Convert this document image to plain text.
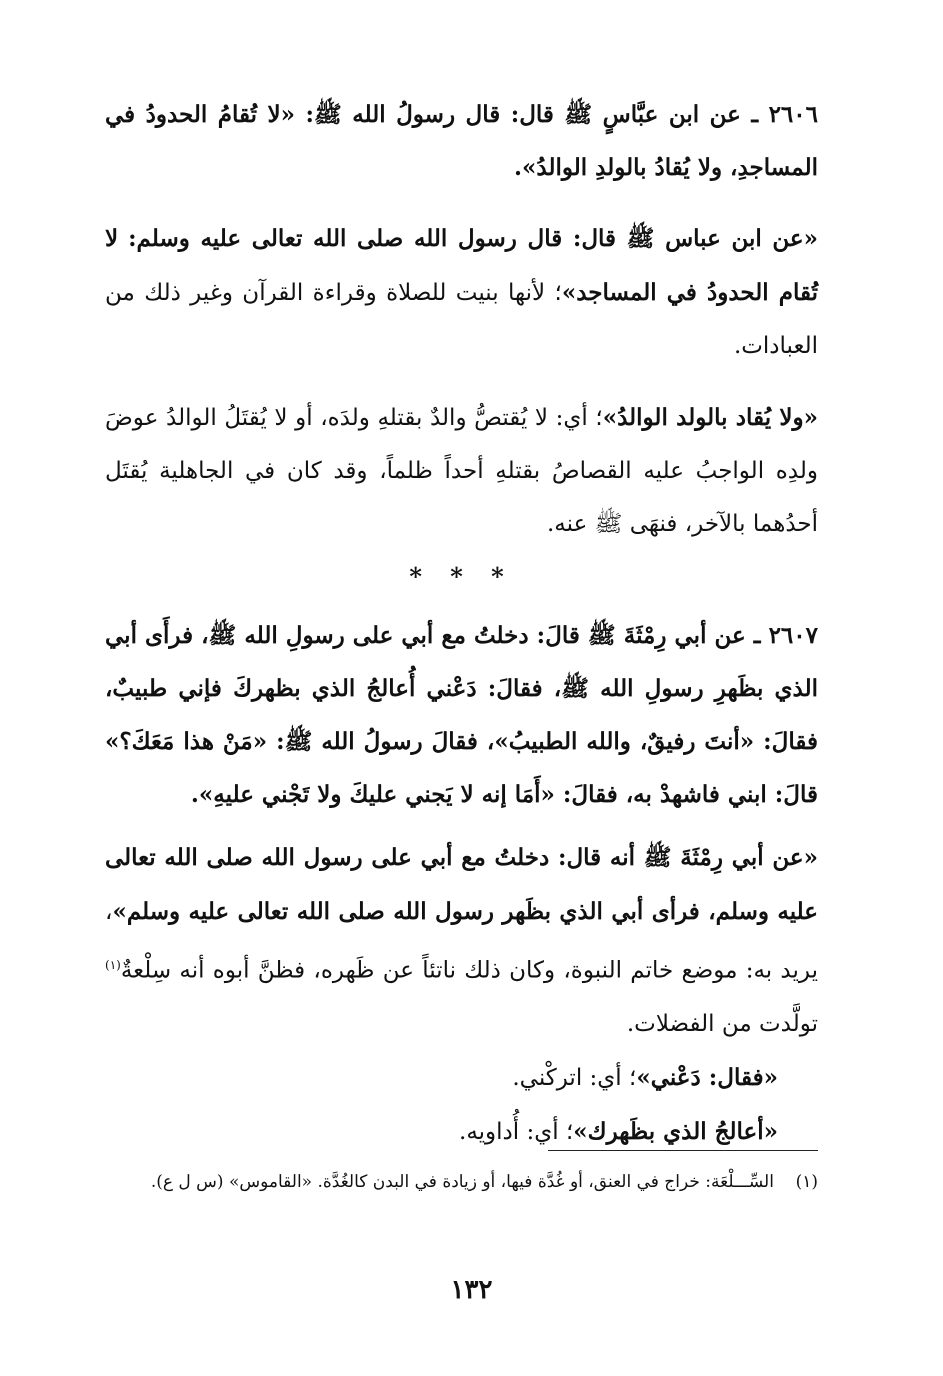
٢٦٠٦ ـ عن ابن عبَّاسٍ ﷺ قال: قال رسولُ الله ﷺ: «لا تُقامُ الحدودُ في المساجدِ، ولا يُقادُ بالولدِ الوالدُ».

«عن ابن عباس ﷺ قال: قال رسول الله صلى الله تعالى عليه وسلم: لا تُقام الحدودُ في المساجد»؛ لأنها بنيت للصلاة وقراءة القرآن وغير ذلك من العبادات.

«ولا يُقاد بالولد الوالدُ»؛ أي: لا يُقتصُّ والدٌ بقتلهِ ولدَه، أو لا يُقتَلُ الوالدُ عوضَ ولدِه الواجبُ عليه القصاصُ بقتلهِ أحداً ظلماً، وقد كان في الجاهلية يُقتَل أحدُهما بالآخر، فنهَى ﷺ عنه.

* * *

٢٦٠٧ ـ عن أبي رِمْثَةَ ﷺ قالَ: دخلتُ مع أبي على رسولِ الله ﷺ، فرأَى أبي الذي بظَهرِ رسولِ الله ﷺ، فقالَ: دَعْني أُعالجُ الذي بظهركَ فإني طبيبٌ، فقالَ: «أنتَ رفيقٌ، والله الطبيبُ»، فقالَ رسولُ الله ﷺ: «مَنْ هذا مَعَكَ؟» قالَ: ابني فاشهدْ به، فقالَ: «أَمَا إنه لا يَجني عليكَ ولا تَجْني عليهِ».

«عن أبي رِمْثَةَ ﷺ أنه قال: دخلتُ مع أبي على رسول الله صلى الله تعالى عليه وسلم، فرأى أبي الذي بظَهر رسول الله صلى الله تعالى عليه وسلم»، يريد به: موضع خاتم النبوة، وكان ذلك ناتئاً عن ظَهره، فظنَّ أبوه أنه سِلْعةٌ$^{(١)}$ تولَّدت من الفضلات.

«فقال: دَعْني»؛ أي: اتركْني.

«أعالجُ الذي بظَهرك»؛ أي: أُداويه.

(١)    السِّـــلْعَة: خراج في العنق، أو غُدَّة فيها، أو زيادة في البدن كالغُدَّة. «القاموس» (س ل ع).

١٣٢
